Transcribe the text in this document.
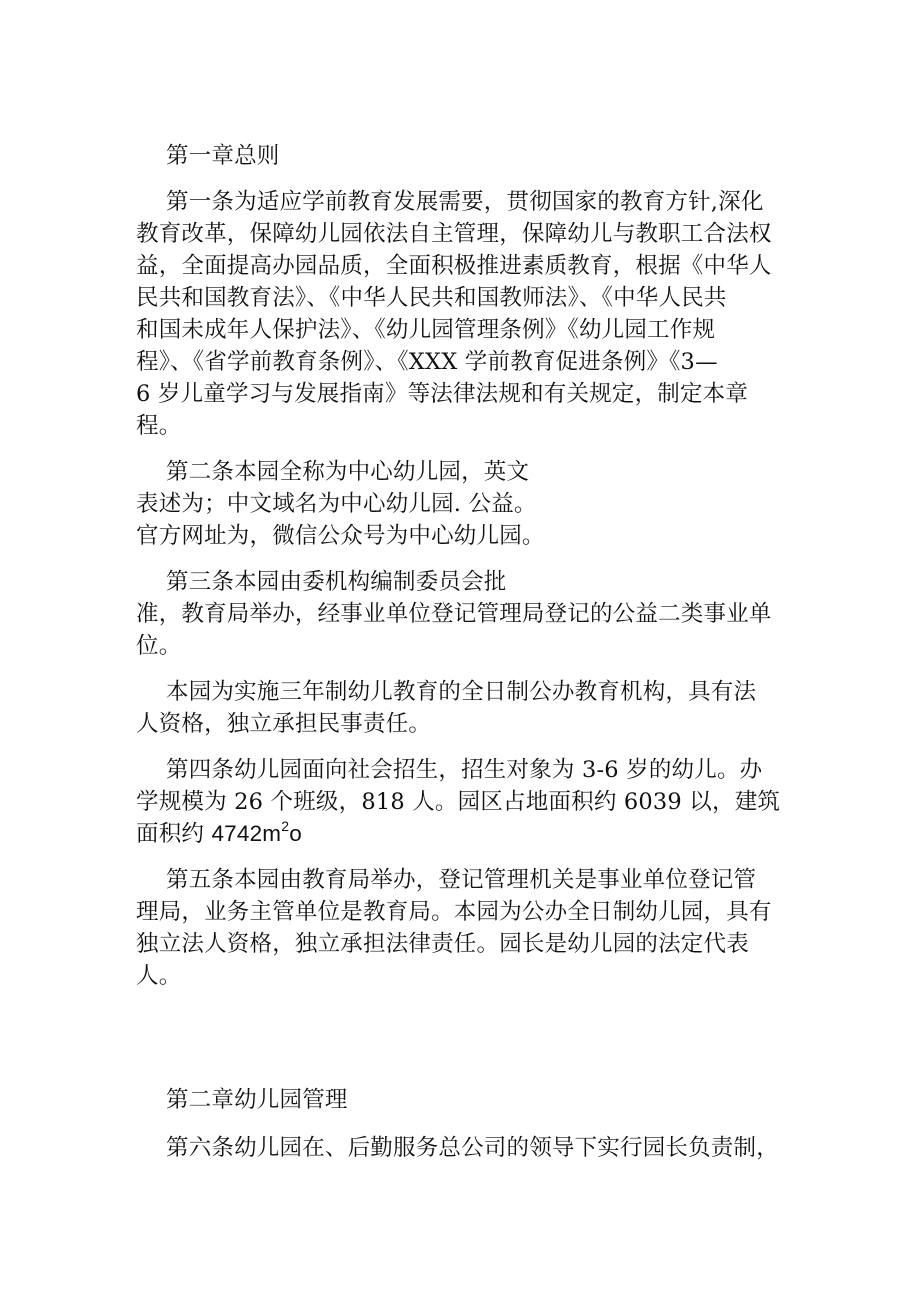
第一章总则
第一条为适应学前教育发展需要，贯彻国家的教育方针,深化
教育改革，保障幼儿园依法自主管理，保障幼儿与教职工合法权
益，全面提高办园品质，全面积极推进素质教育，根据《中华人
民共和国教育法》、《中华人民共和国教师法》、《中华人民共
和国未成年人保护法》、《幼儿园管理条例》《幼儿园工作规
程》、《省学前教育条例》、《XXX 学前教育促进条例》《3—
6 岁儿童学习与发展指南》等法律法规和有关规定，制定本章
程。
第二条本园全称为中心幼儿园，英文
表述为；中文域名为中心幼儿园. 公益。
官方网址为，微信公众号为中心幼儿园。
第三条本园由委机构编制委员会批
准，教育局举办，经事业单位登记管理局登记的公益二类事业单
位。
本园为实施三年制幼儿教育的全日制公办教育机构，具有法
人资格，独立承担民事责任。
第四条幼儿园面向社会招生，招生对象为 3-6 岁的幼儿。办
学规模为 26 个班级，818 人。园区占地面积约 6039 以，建筑
面积约 $4742m^2o$
第五条本园由教育局举办，登记管理机关是事业单位登记管
理局，业务主管单位是教育局。本园为公办全日制幼儿园，具有
独立法人资格，独立承担法律责任。园长是幼儿园的法定代表
人。
第二章幼儿园管理
第六条幼儿园在、后勤服务总公司的领导下实行园长负责制，
